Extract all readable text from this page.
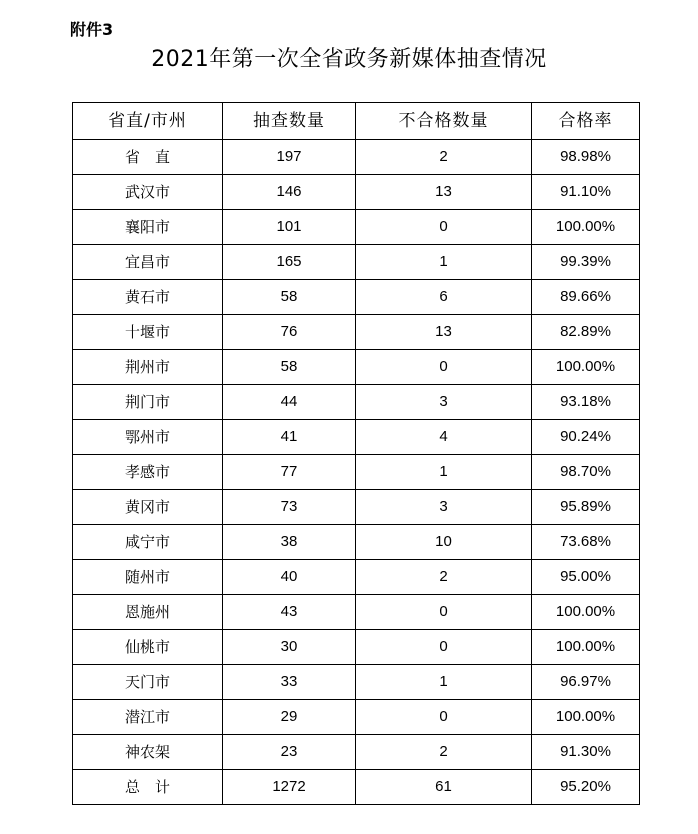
附件3
2021年第一次全省政务新媒体抽查情况
省直/市州	抽查数量	不合格数量	合格率
省　直	197	2	98.98%
武汉市	146	13	91.10%
襄阳市	101	0	100.00%
宜昌市	165	1	99.39%
黄石市	58	6	89.66%
十堰市	76	13	82.89%
荆州市	58	0	100.00%
荆门市	44	3	93.18%
鄂州市	41	4	90.24%
孝感市	77	1	98.70%
黄冈市	73	3	95.89%
咸宁市	38	10	73.68%
随州市	40	2	95.00%
恩施州	43	0	100.00%
仙桃市	30	0	100.00%
天门市	33	1	96.97%
潜江市	29	0	100.00%
神农架	23	2	91.30%
总　计	1272	61	95.20%
